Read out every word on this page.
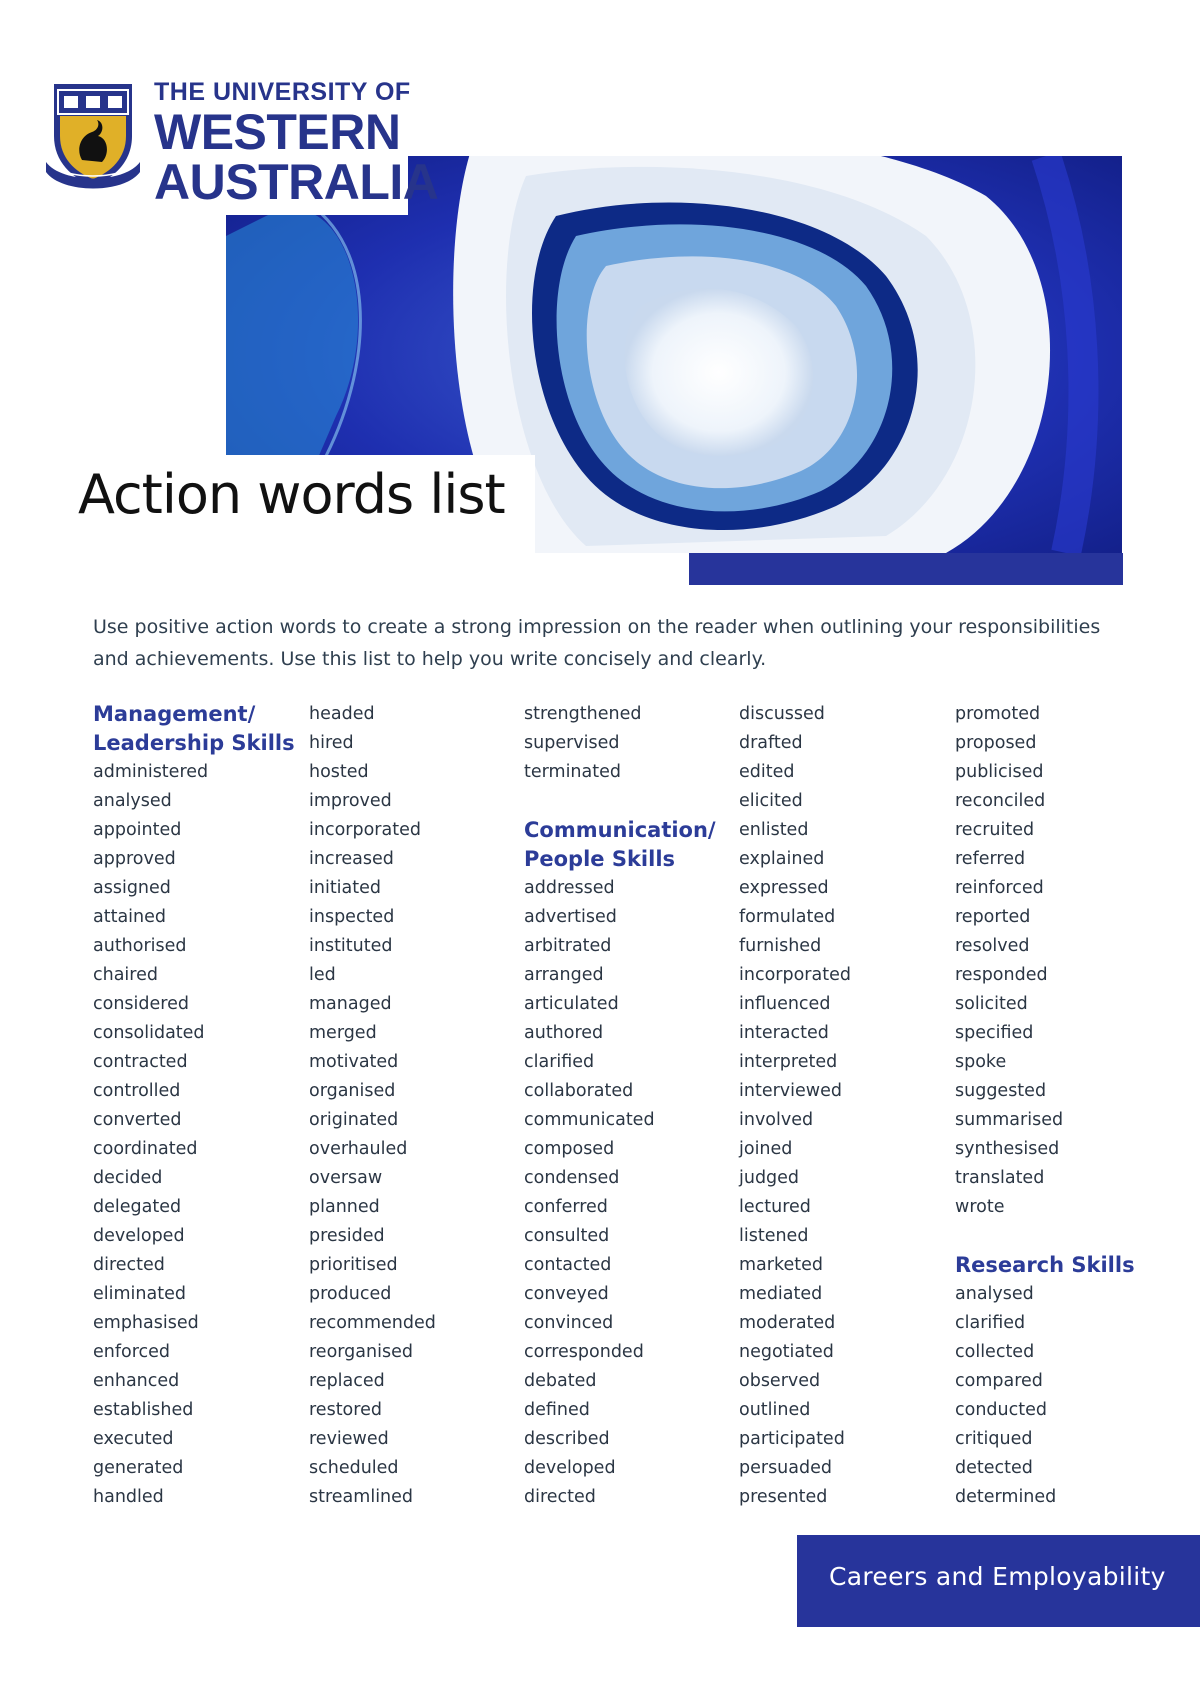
THE UNIVERSITY OF
WESTERN
AUSTRALIA
Action words list

Use positive action words to create a strong impression on the reader when outlining your responsibilities and achievements. Use this list to help you write concisely and clearly.

Management/
Leadership Skills
administered
analysed
appointed
approved
assigned
attained
authorised
chaired
considered
consolidated
contracted
controlled
converted
coordinated
decided
delegated
developed
directed
eliminated
emphasised
enforced
enhanced
established
executed
generated
handled
headed
hired
hosted
improved
incorporated
increased
initiated
inspected
instituted
led
managed
merged
motivated
organised
originated
overhauled
oversaw
planned
presided
prioritised
produced
recommended
reorganised
replaced
restored
reviewed
scheduled
streamlined
strengthened
supervised
terminated
Communication/
People Skills
addressed
advertised
arbitrated
arranged
articulated
authored
clarified
collaborated
communicated
composed
condensed
conferred
consulted
contacted
conveyed
convinced
corresponded
debated
defined
described
developed
directed
discussed
drafted
edited
elicited
enlisted
explained
expressed
formulated
furnished
incorporated
influenced
interacted
interpreted
interviewed
involved
joined
judged
lectured
listened
marketed
mediated
moderated
negotiated
observed
outlined
participated
persuaded
presented
promoted
proposed
publicised
reconciled
recruited
referred
reinforced
reported
resolved
responded
solicited
specified
spoke
suggested
summarised
synthesised
translated
wrote
Research Skills
analysed
clarified
collected
compared
conducted
critiqued
detected
determined
Careers and Employability
